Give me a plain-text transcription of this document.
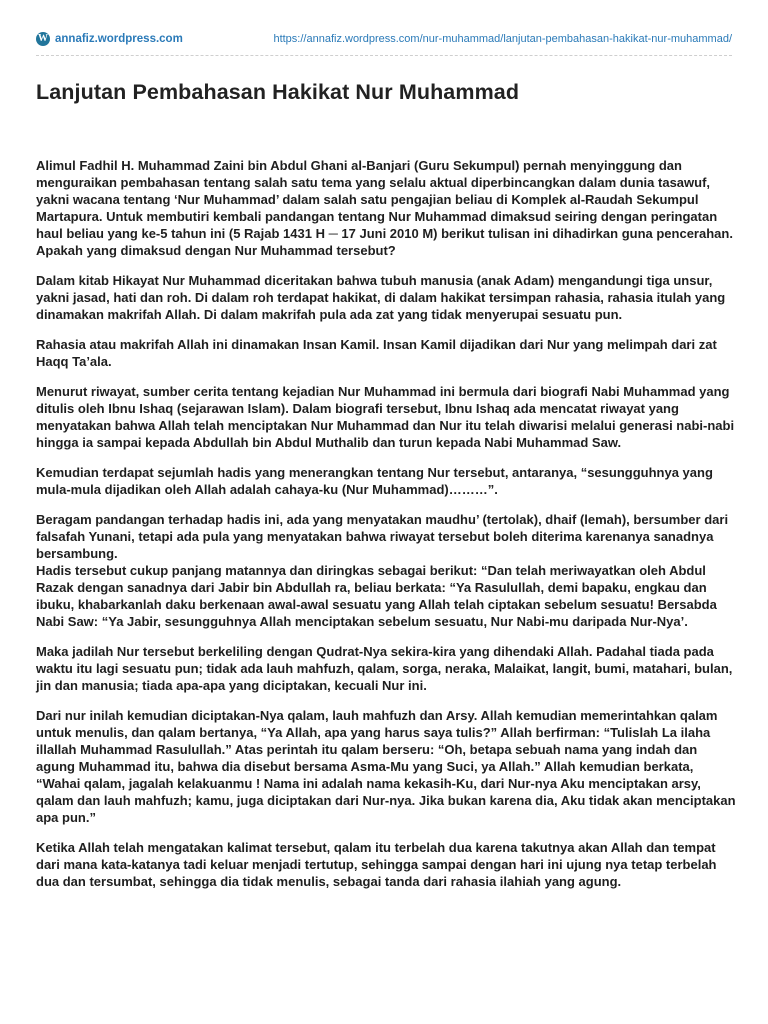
W annafiz.wordpress.com	https://annafiz.wordpress.com/nur-muhammad/lanjutan-pembahasan-hakikat-nur-muhammad/
Lanjutan Pembahasan Hakikat Nur Muhammad

Alimul Fadhil H. Muhammad Zaini bin Abdul Ghani al-Banjari (Guru Sekumpul) pernah menyinggung dan menguraikan pembahasan tentang salah satu tema yang selalu aktual diperbincangkan dalam dunia tasawuf, yakni wacana tentang ‘Nur Muhammad’ dalam salah satu pengajian beliau di Komplek al-Raudah Sekumpul Martapura. Untuk membutiri kembali pandangan tentang Nur Muhammad dimaksud seiring dengan peringatan haul beliau yang ke-5 tahun ini (5 Rajab 1431 H ─ 17 Juni 2010 M) berikut tulisan ini dihadirkan guna pencerahan. Apakah yang dimaksud dengan Nur Muhammad tersebut?

Dalam kitab Hikayat Nur Muhammad diceritakan bahwa tubuh manusia (anak Adam) mengandungi tiga unsur, yakni jasad, hati dan roh. Di dalam roh terdapat hakikat, di dalam hakikat tersimpan rahasia, rahasia itulah yang dinamakan makrifah Allah. Di dalam makrifah pula ada zat yang tidak menyerupai sesuatu pun.

Rahasia atau makrifah Allah ini dinamakan Insan Kamil. Insan Kamil dijadikan dari Nur yang melimpah dari zat Haqq Ta’ala.

Menurut riwayat, sumber cerita tentang kejadian Nur Muhammad ini bermula dari biografi Nabi Muhammad yang ditulis oleh Ibnu Ishaq (sejarawan Islam). Dalam biografi tersebut, Ibnu Ishaq ada mencatat riwayat yang menyatakan bahwa Allah telah menciptakan Nur Muhammad dan Nur itu telah diwarisi melalui generasi nabi-nabi hingga ia sampai kepada Abdullah bin Abdul Muthalib dan turun kepada Nabi Muhammad Saw.

Kemudian terdapat sejumlah hadis yang menerangkan tentang Nur tersebut, antaranya, “sesungguhnya yang mula-mula dijadikan oleh Allah adalah cahaya-ku (Nur Muhammad)………”.

Beragam pandangan terhadap hadis ini, ada yang menyatakan maudhu’ (tertolak), dhaif (lemah), bersumber dari falsafah Yunani, tetapi ada pula yang menyatakan bahwa riwayat tersebut boleh diterima karenanya sanadnya bersambung.

Hadis tersebut cukup panjang matannya dan diringkas sebagai berikut: “Dan telah meriwayatkan oleh Abdul Razak dengan sanadnya dari Jabir bin Abdullah ra, beliau berkata: “Ya Rasulullah, demi bapaku, engkau dan ibuku, khabarkanlah daku berkenaan awal-awal sesuatu yang Allah telah ciptakan sebelum sesuatu! Bersabda Nabi Saw: “Ya Jabir, sesungguhnya Allah menciptakan sebelum sesuatu, Nur Nabi-mu daripada Nur-Nya’.

Maka jadilah Nur tersebut berkeliling dengan Qudrat-Nya sekira-kira yang dihendaki Allah. Padahal tiada pada waktu itu lagi sesuatu pun; tidak ada lauh mahfuzh, qalam, sorga, neraka, Malaikat, langit, bumi, matahari, bulan, jin dan manusia; tiada apa-apa yang diciptakan, kecuali Nur ini.

Dari nur inilah kemudian diciptakan-Nya qalam, lauh mahfuzh dan Arsy. Allah kemudian memerintahkan qalam untuk menulis, dan qalam bertanya, “Ya Allah, apa yang harus saya tulis?” Allah berfirman: “Tulislah La ilaha illallah Muhammad Rasulullah.” Atas perintah itu qalam berseru: “Oh, betapa sebuah nama yang indah dan agung Muhammad itu, bahwa dia disebut bersama Asma-Mu yang Suci, ya Allah.” Allah kemudian berkata, “Wahai qalam, jagalah kelakuanmu ! Nama ini adalah nama kekasih-Ku, dari Nur-nya Aku menciptakan arsy, qalam dan lauh mahfuzh; kamu, juga diciptakan dari Nur-nya. Jika bukan karena dia, Aku tidak akan menciptakan apa pun.”

Ketika Allah telah mengatakan kalimat tersebut, qalam itu terbelah dua karena takutnya akan Allah dan tempat dari mana kata-katanya tadi keluar menjadi tertutup, sehingga sampai dengan hari ini ujung nya tetap terbelah dua dan tersumbat, sehingga dia tidak menulis, sebagai tanda dari rahasia ilahiah yang agung.
